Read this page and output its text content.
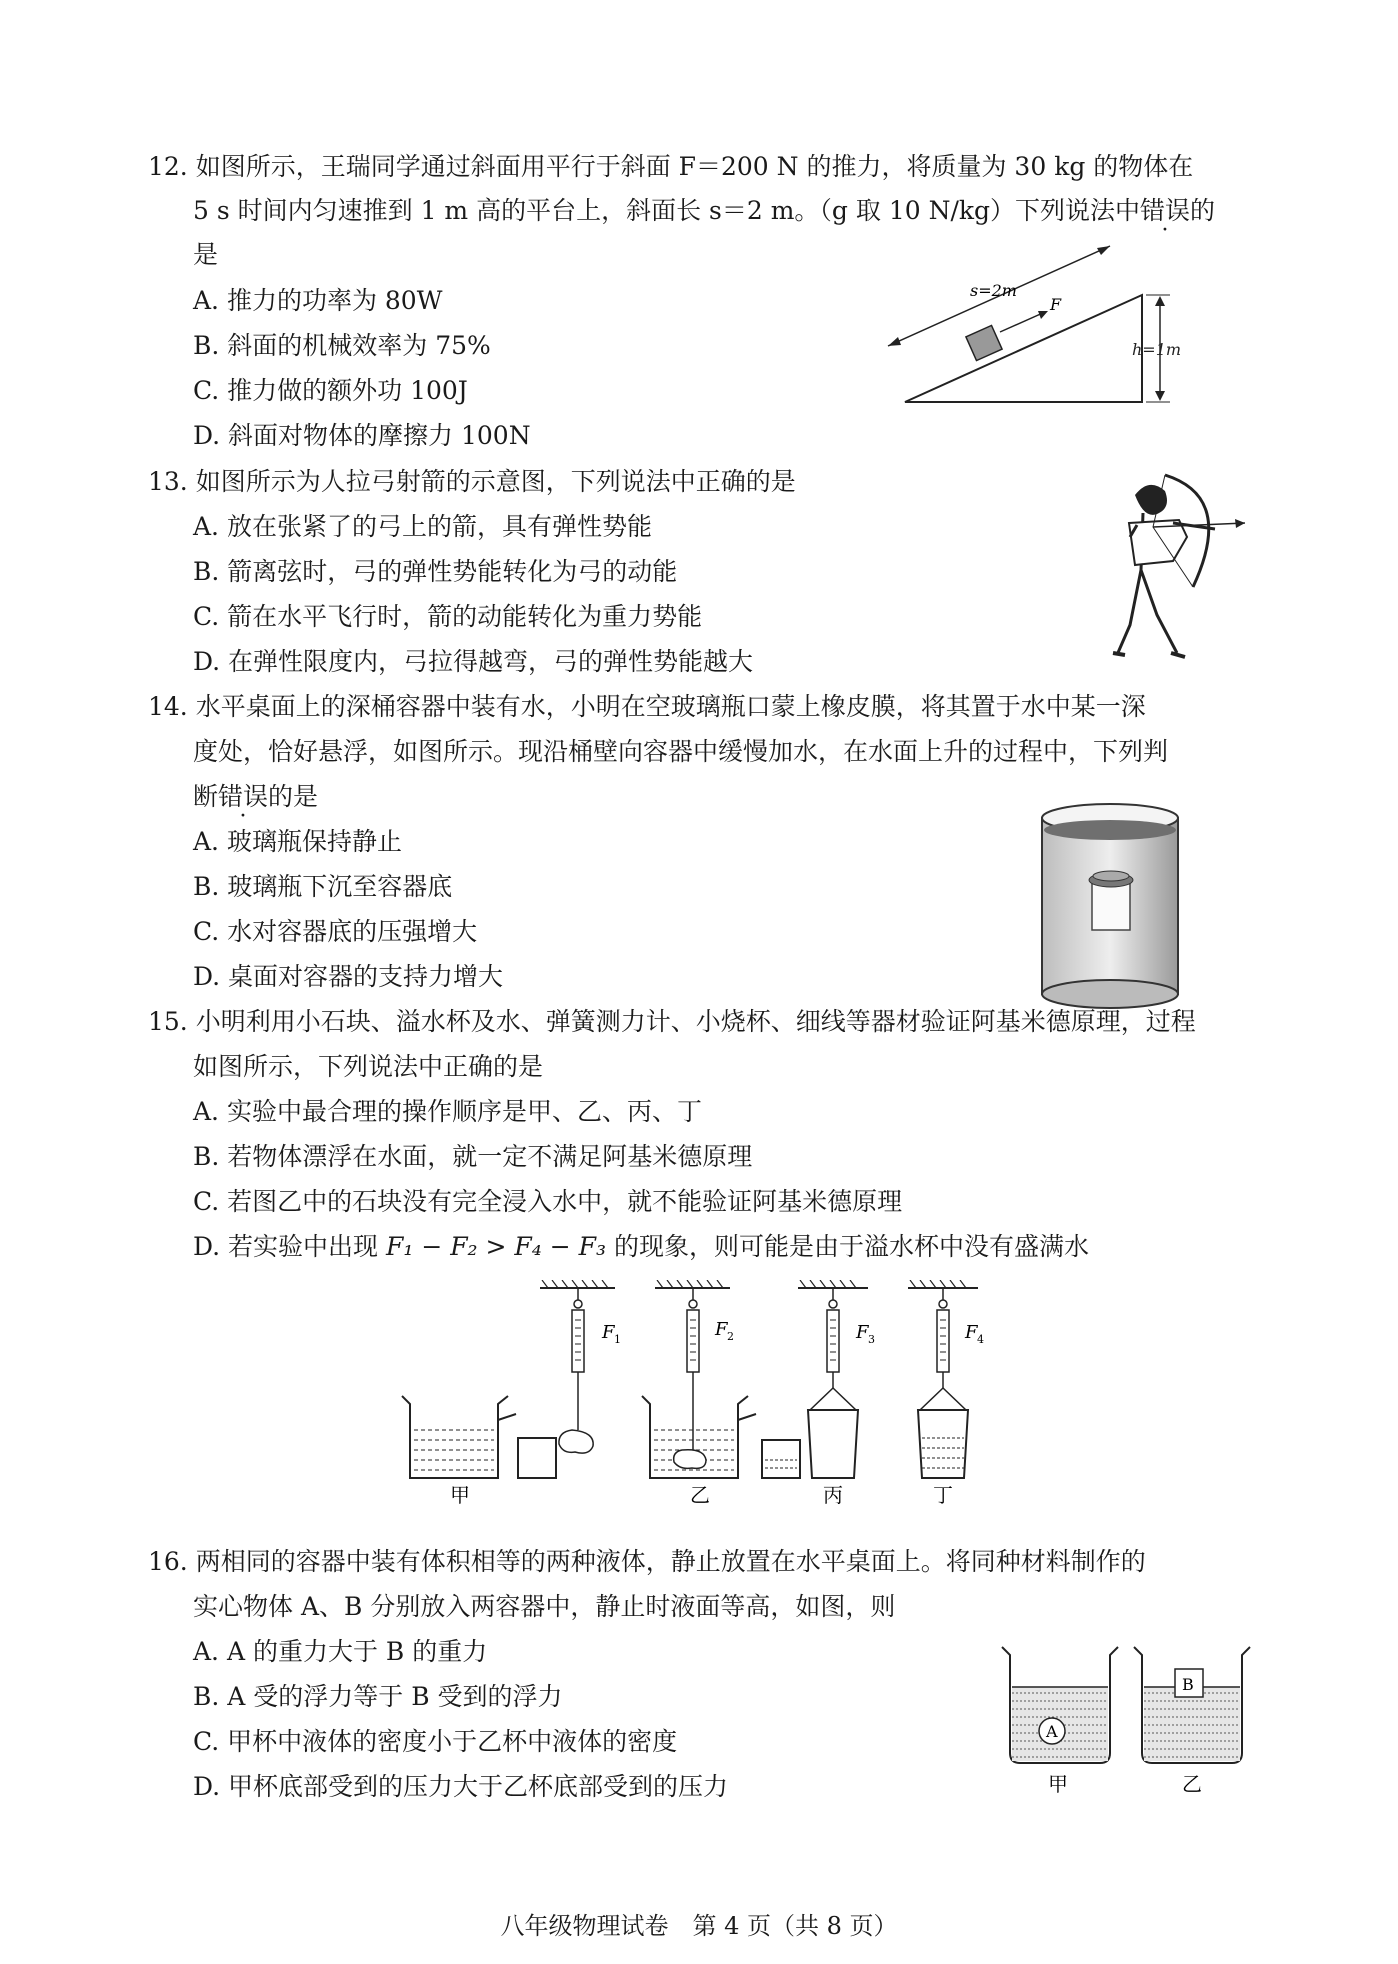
12. 如图所示，王瑞同学通过斜面用平行于斜面 F＝200 N 的推力，将质量为 30 kg 的物体在
5 s 时间内匀速推到 1 m 高的平台上，斜面长 s＝2 m。（g 取 10 N/kg）下列说法中错误的
是
A. 推力的功率为 80W
B. 斜面的机械效率为 75%
C. 推力做的额外功 100J
D. 斜面对物体的摩擦力 100N
F
s=2m
h=1m
13. 如图所示为人拉弓射箭的示意图，下列说法中正确的是
A. 放在张紧了的弓上的箭，具有弹性势能
B. 箭离弦时，弓的弹性势能转化为弓的动能
C. 箭在水平飞行时，箭的动能转化为重力势能
D. 在弹性限度内，弓拉得越弯，弓的弹性势能越大
14. 水平桌面上的深桶容器中装有水，小明在空玻璃瓶口蒙上橡皮膜，将其置于水中某一深
度处，恰好悬浮，如图所示。现沿桶壁向容器中缓慢加水，在水面上升的过程中，下列判
断错误的是
A. 玻璃瓶保持静止
B. 玻璃瓶下沉至容器底
C. 水对容器底的压强增大
D. 桌面对容器的支持力增大
15. 小明利用小石块、溢水杯及水、弹簧测力计、小烧杯、细线等器材验证阿基米德原理，过程
如图所示，下列说法中正确的是
A. 实验中最合理的操作顺序是甲、乙、丙、丁
B. 若物体漂浮在水面，就一定不满足阿基米德原理
C. 若图乙中的石块没有完全浸入水中，就不能验证阿基米德原理
D. 若实验中出现 F₁ − F₂ > F₄ − F₃ 的现象，则可能是由于溢水杯中没有盛满水
F 1	F 2	F 3	F 4
甲	乙	丙	丁
16. 两相同的容器中装有体积相等的两种液体，静止放置在水平桌面上。将同种材料制作的
实心物体 A、B 分别放入两容器中，静止时液面等高，如图，则
A. A 的重力大于 B 的重力
B. A 受的浮力等于 B 受到的浮力
C. 甲杯中液体的密度小于乙杯中液体的密度
D. 甲杯底部受到的压力大于乙杯底部受到的压力
A
B
甲	乙
八年级物理试卷　第 4 页（共 8 页）
